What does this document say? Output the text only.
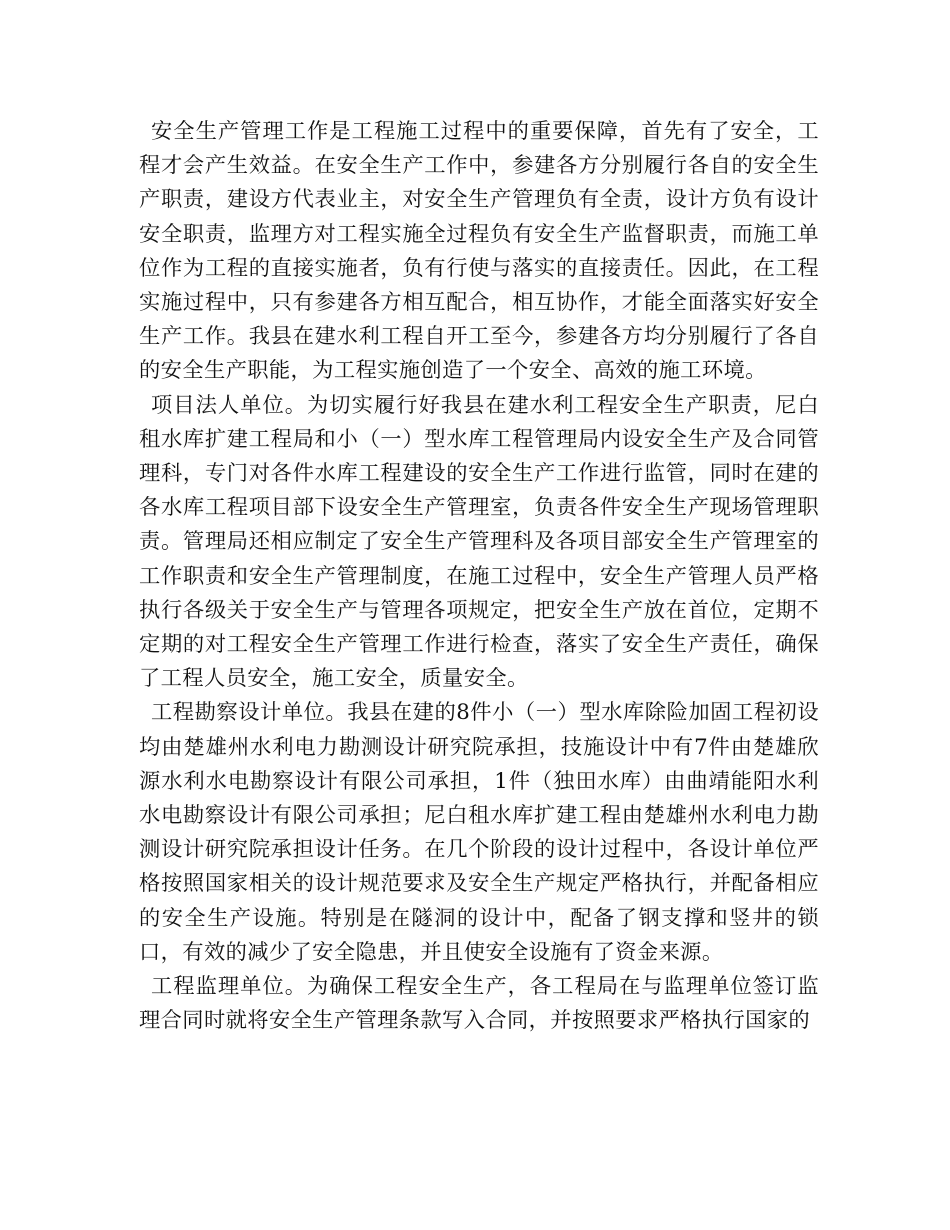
安全生产管理工作是工程施工过程中的重要保障，首先有了安全，工程才会产生效益。在安全生产工作中，参建各方分别履行各自的安全生产职责，建设方代表业主，对安全生产管理负有全责，设计方负有设计安全职责，监理方对工程实施全过程负有安全生产监督职责，而施工单位作为工程的直接实施者，负有行使与落实的直接责任。因此，在工程实施过程中，只有参建各方相互配合，相互协作，才能全面落实好安全生产工作。我县在建水利工程自开工至今，参建各方均分别履行了各自的安全生产职能，为工程实施创造了一个安全、高效的施工环境。

项目法人单位。为切实履行好我县在建水利工程安全生产职责，尼白租水库扩建工程局和小（一）型水库工程管理局内设安全生产及合同管理科，专门对各件水库工程建设的安全生产工作进行监管，同时在建的各水库工程项目部下设安全生产管理室，负责各件安全生产现场管理职责。管理局还相应制定了安全生产管理科及各项目部安全生产管理室的工作职责和安全生产管理制度，在施工过程中，安全生产管理人员严格执行各级关于安全生产与管理各项规定，把安全生产放在首位，定期不定期的对工程安全生产管理工作进行检查，落实了安全生产责任，确保了工程人员安全，施工安全，质量安全。

工程勘察设计单位。我县在建的8件小（一）型水库除险加固工程初设均由楚雄州水利电力勘测设计研究院承担，技施设计中有7件由楚雄欣源水利水电勘察设计有限公司承担，1件（独田水库）由曲靖能阳水利水电勘察设计有限公司承担；尼白租水库扩建工程由楚雄州水利电力勘测设计研究院承担设计任务。在几个阶段的设计过程中，各设计单位严格按照国家相关的设计规范要求及安全生产规定严格执行，并配备相应的安全生产设施。特别是在隧洞的设计中，配备了钢支撑和竖井的锁口，有效的减少了安全隐患，并且使安全设施有了资金来源。

工程监理单位。为确保工程安全生产，各工程局在与监理单位签订监理合同时就将安全生产管理条款写入合同，并按照要求严格执行国家的
